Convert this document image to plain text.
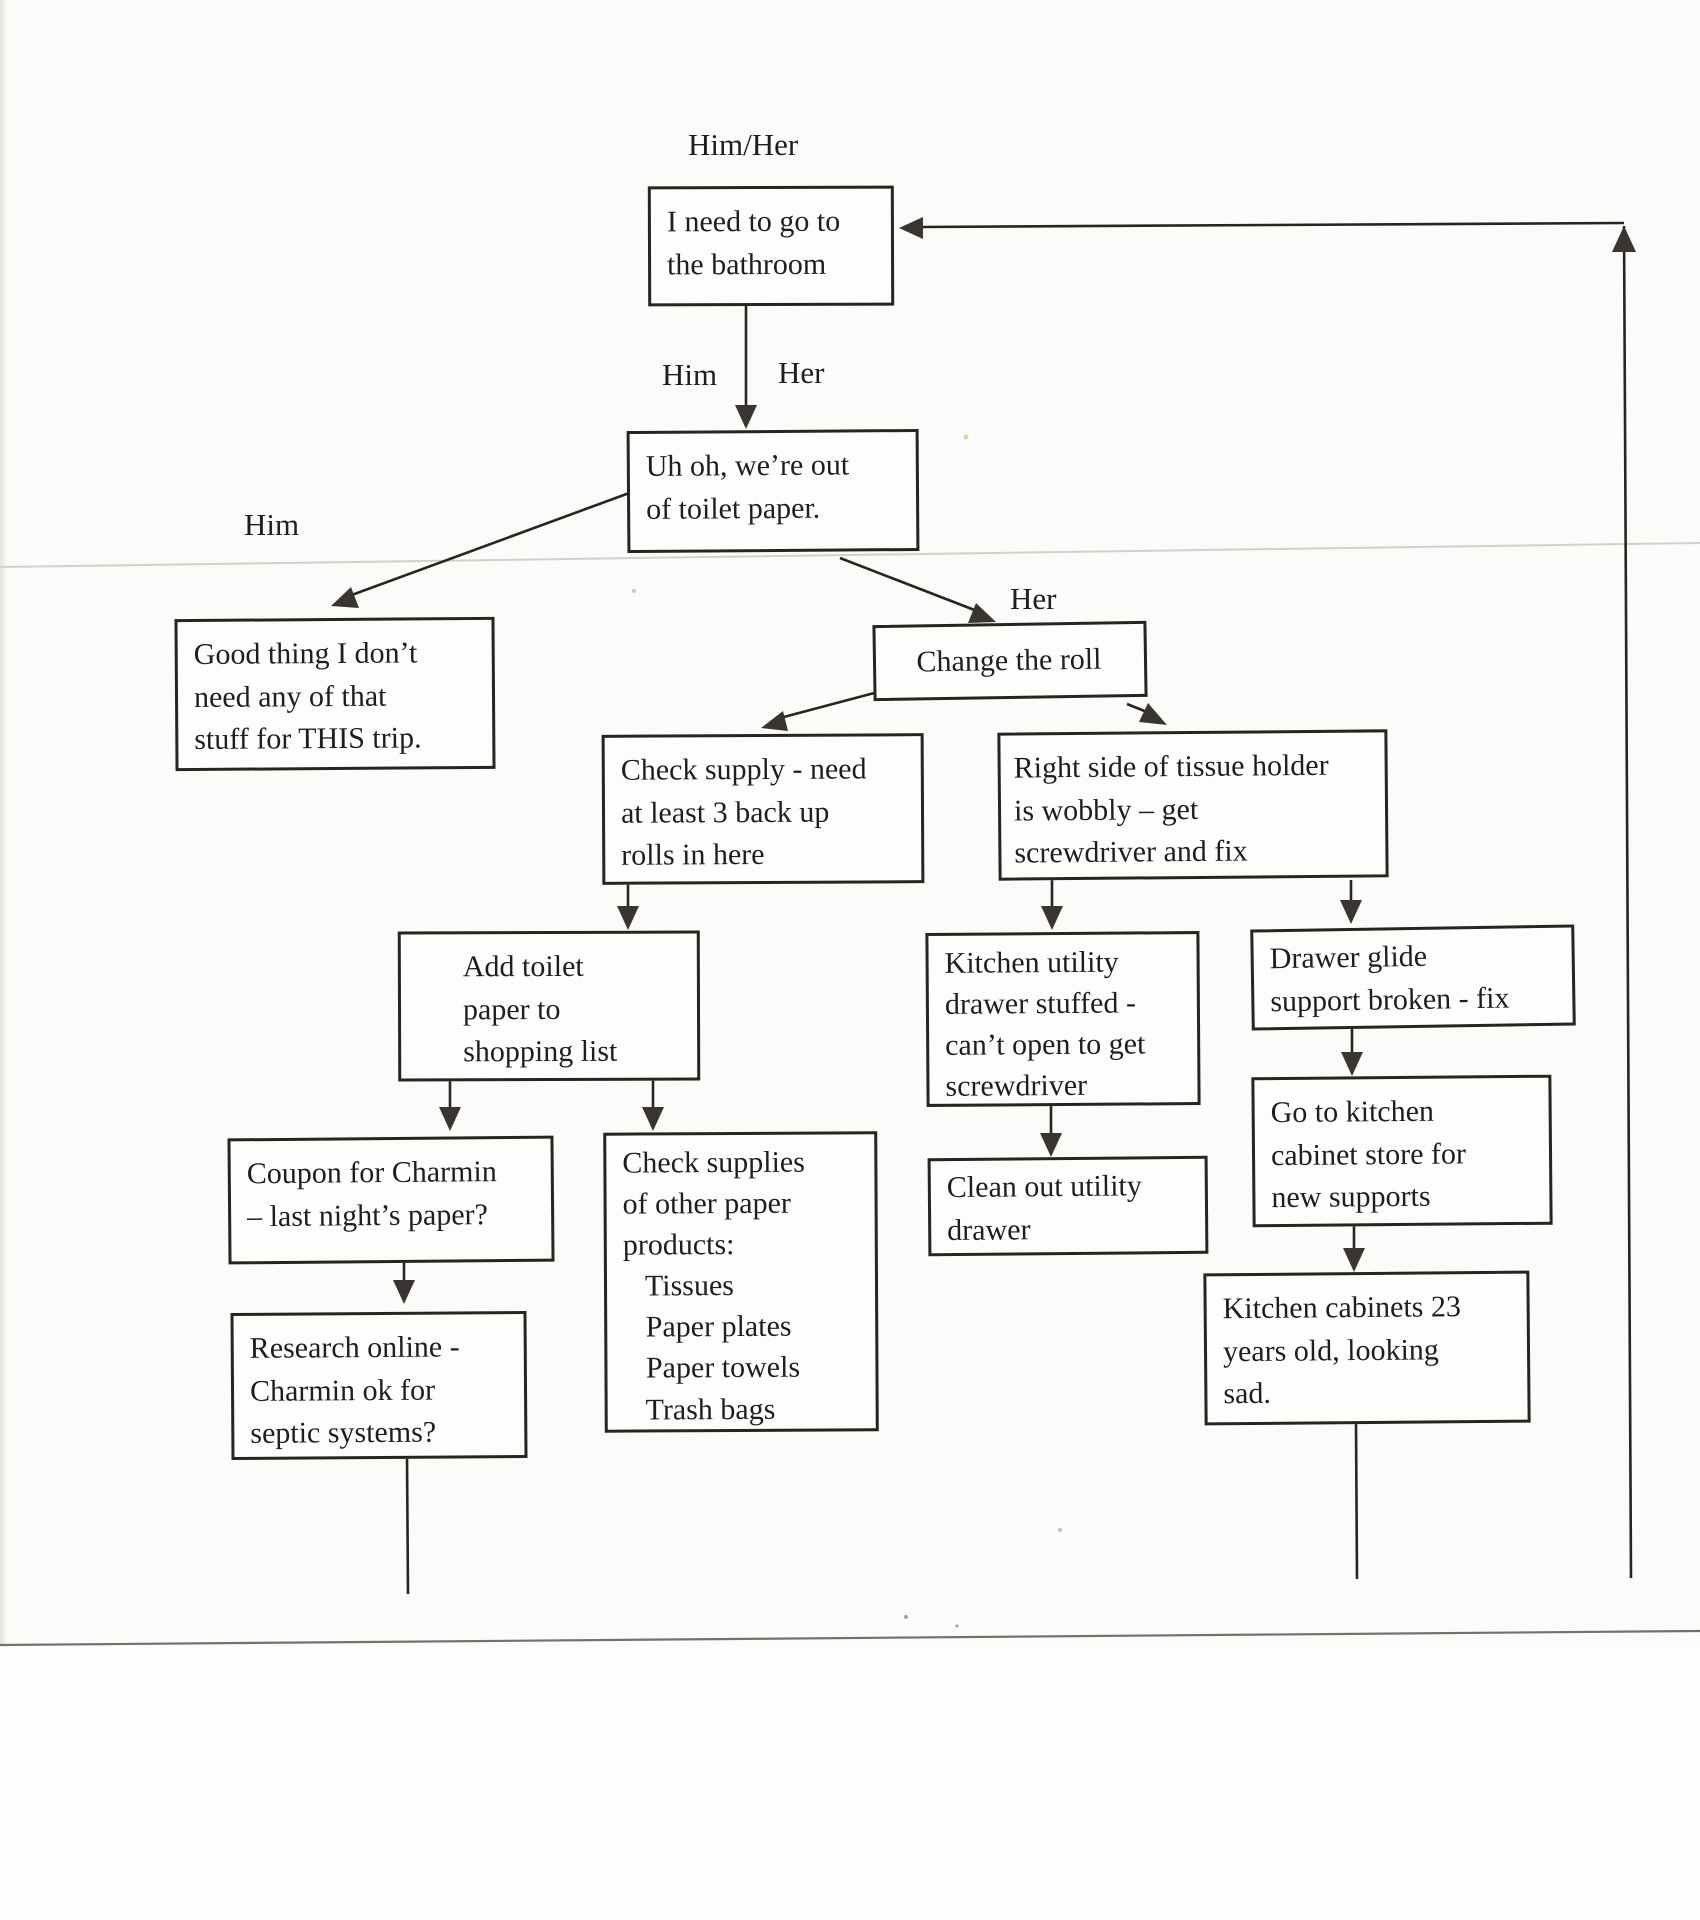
Him/Her
Him Her
Him
Her
I need to go to
the bathroom
Uh oh, we’re out
of toilet paper.
Good thing I don’t
need any of that
stuff for THIS trip.
Change the roll
Check supply - need
at least 3 back up
rolls in here
Right side of tissue holder
is wobbly – get
screwdriver and fix
Add toilet
paper to
shopping list
Coupon for Charmin
– last night’s paper?
Research online -
Charmin ok for
septic systems?
Check supplies
of other paper
products:
Tissues
Paper plates
Paper towels
Trash bags
Kitchen utility
drawer stuffed -
can’t open to get
screwdriver
Clean out utility
drawer
Drawer glide
support broken - fix
Go to kitchen
cabinet store for
new supports
Kitchen cabinets 23
years old, looking
sad.
